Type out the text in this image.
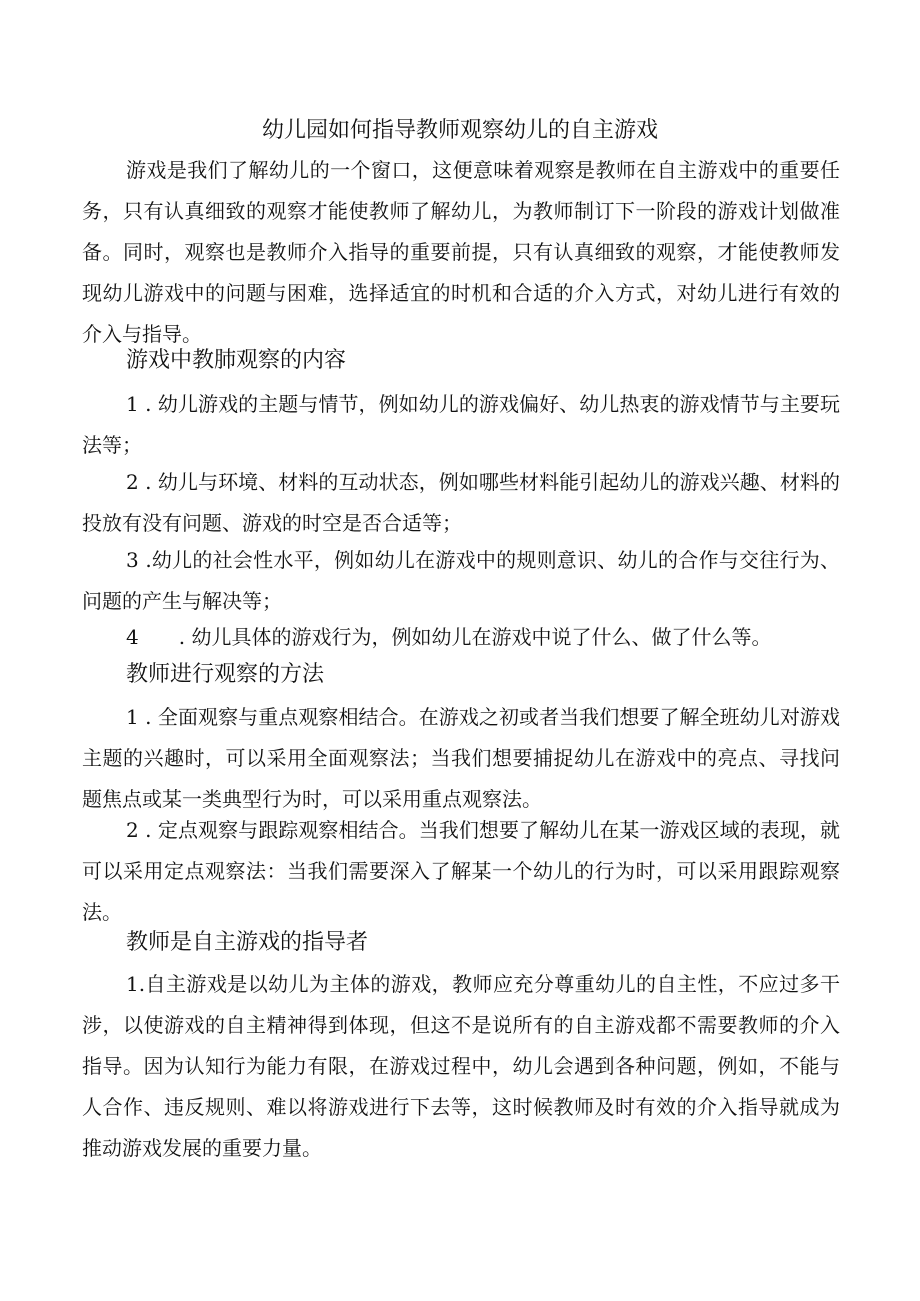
幼儿园如何指导教师观察幼儿的自主游戏

游戏是我们了解幼儿的一个窗口，这便意味着观察是教师在自主游戏中的重要任务，只有认真细致的观察才能使教师了解幼儿，为教师制订下一阶段的游戏计划做准备。同时，观察也是教师介入指导的重要前提，只有认真细致的观察，才能使教师发现幼儿游戏中的问题与困难，选择适宜的时机和合适的介入方式，对幼儿进行有效的介入与指导。

游戏中教肺观察的内容

1 . 幼儿游戏的主题与情节，例如幼儿的游戏偏好、幼儿热衷的游戏情节与主要玩法等；

2 . 幼儿与环境、材料的互动状态，例如哪些材料能引起幼儿的游戏兴趣、材料的投放有没有问题、游戏的时空是否合适等；

3 .幼儿的社会性水平，例如幼儿在游戏中的规则意识、幼儿的合作与交往行为、问题的产生与解决等；

4　　. 幼儿具体的游戏行为，例如幼儿在游戏中说了什么、做了什么等。

教师进行观察的方法

1 . 全面观察与重点观察相结合。在游戏之初或者当我们想要了解全班幼儿对游戏主题的兴趣时，可以采用全面观察法；当我们想要捕捉幼儿在游戏中的亮点、寻找问题焦点或某一类典型行为时，可以采用重点观察法。

2 . 定点观察与跟踪观察相结合。当我们想要了解幼儿在某一游戏区域的表现，就可以采用定点观察法：当我们需要深入了解某一个幼儿的行为时，可以采用跟踪观察法。

教师是自主游戏的指导者

1.自主游戏是以幼儿为主体的游戏，教师应充分尊重幼儿的自主性，不应过多干涉，以使游戏的自主精神得到体现，但这不是说所有的自主游戏都不需要教师的介入指导。因为认知行为能力有限，在游戏过程中，幼儿会遇到各种问题，例如，不能与人合作、违反规则、难以将游戏进行下去等，这时候教师及时有效的介入指导就成为推动游戏发展的重要力量。
